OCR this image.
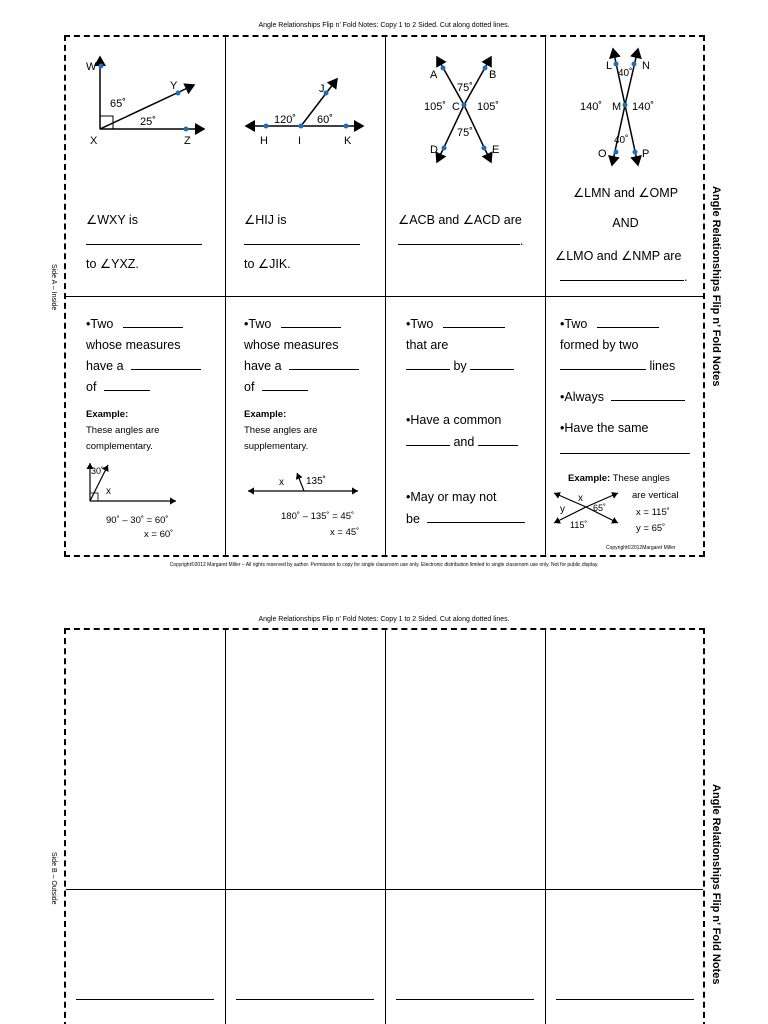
Angle Relationships Flip n’ Fold Notes: Copy 1 to 2 Sided. Cut along dotted lines.
Angle Relationships Flip n’ Fold Notes: Copy 1 to 2 Sided. Cut along dotted lines.
Side A – Inside
Side B – Outside
Angle Relationships Flip n’ Fold Notes
Angle Relationships Flip n’ Fold Notes
W
Y
X	Z
65˚
25˚
∠WXY is
to ∠YXZ.
J
H	I	K
120˚ 60˚
∠HIJ is
to ∠JIK.
A	B
C
D	E
75˚
105˚	105˚
75˚
∠ACB and ∠ACD are
.
L	N
M
O	P
40˚
140˚	140˚
40˚
∠LMN and ∠OMP
AND
∠LMO and ∠NMP are
.
•Two
whose measures
have a
of
Example:
These angles are
complementary.
30˚
x
90˚ – 30˚ = 60˚
x = 60˚
•Two
whose measures
have a
of
Example:
These angles are
supplementary.
x 135˚
180˚ – 135˚ = 45˚
x = 45˚
•Two
that are
by
•Have a common
and
•May or may not
be
•Two
formed by two
lines
•Always
•Have the same
Example: These angles
are vertical
x
y	65˚
115˚
x = 115˚
y = 65˚
Copyright©2012Margaret Miller
Copyright©2012 Margaret Miller – All rights reserved by author. Permission to copy for single classroom use only. Electronic distribution limited to single classroom use only. Not for public display.
